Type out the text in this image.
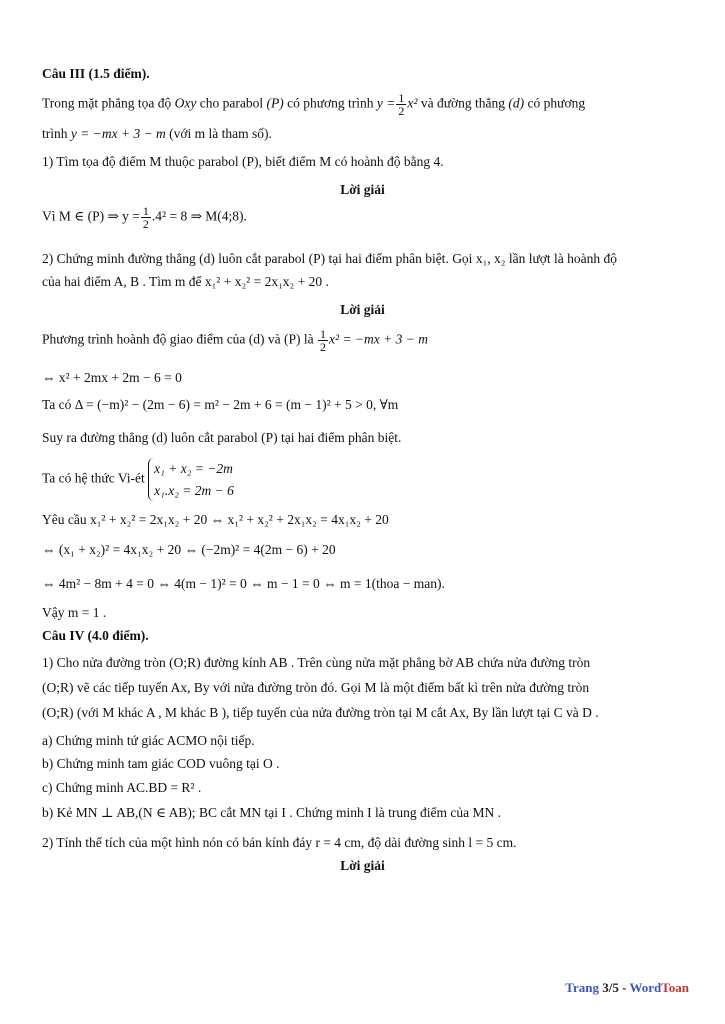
Câu III (1.5 điểm).
Trong mặt phẳng tọa độ Oxy cho parabol (P) có phương trình $y = \frac{1}{2} x^2$ và đường thẳng (d) có phương
trình y = −mx + 3 − m (với m là tham số).
1) Tìm tọa độ điểm M thuộc parabol (P), biết điểm M có hoành độ bằng 4.
Lời giải
Vì M ∈ (P) ⇒ $y = \frac{1}{2} .4^2 = 8$ ⇒ M(4;8).
2) Chứng minh đường thẳng (d) luôn cắt parabol (P) tại hai điểm phân biệt. Gọi x₁, x₂ lần lượt là hoành độ
của hai điểm A, B . Tìm m để x₁² + x₂² = 2x₁x₂ + 20 .
Lời giải
Phương trình hoành độ giao điểm của (d) và (P) là $\frac{1}{2} x^2 = -mx + 3 - m$
⇔ x² + 2mx + 2m − 6 = 0
Ta có Δ = (−m)² − (2m − 6) = m² − 2m + 6 = (m − 1)² + 5 > 0, ∀m
Suy ra đường thẳng (d) luôn cắt parabol (P) tại hai điểm phân biệt.
Ta có hệ thức Vi-ét
x₁ + x₂ = −2m
x₁.x₂ = 2m − 6
Yêu cầu x₁² + x₂² = 2x₁x₂ + 20 ⇔ x₁² + x₂² + 2x₁x₂ = 4x₁x₂ + 20
⇔ (x₁ + x₂)² = 4x₁x₂ + 20 ⇔ (−2m)² = 4(2m − 6) + 20
⇔ 4m² − 8m + 4 = 0 ⇔ 4(m − 1)² = 0 ⇔ m − 1 = 0 ⇔ m = 1(thoa − man).
Vậy m = 1 .
Câu IV (4.0 điểm).
1) Cho nửa đường tròn (O;R) đường kính AB . Trên cùng nửa mặt phẳng bờ AB chứa nửa đường tròn
(O;R) vẽ các tiếp tuyến Ax, By với nửa đường tròn đó. Gọi M là một điểm bất kì trên nửa đường tròn
(O;R) (với M khác A , M khác B ), tiếp tuyến của nửa đường tròn tại M cắt Ax, By lần lượt tại C và D .
a) Chứng minh tứ giác ACMO nội tiếp.
b) Chứng minh tam giác COD vuông tại O .
c) Chứng minh AC.BD = R² .
b) Kẻ MN ⊥ AB,(N ∈ AB); BC cắt MN tại I . Chứng minh I là trung điểm của MN .
2) Tính thể tích của một hình nón có bán kính đáy r = 4 cm, độ dài đường sinh l = 5 cm.
Lời giải
Trang 3/5 - WordToan
